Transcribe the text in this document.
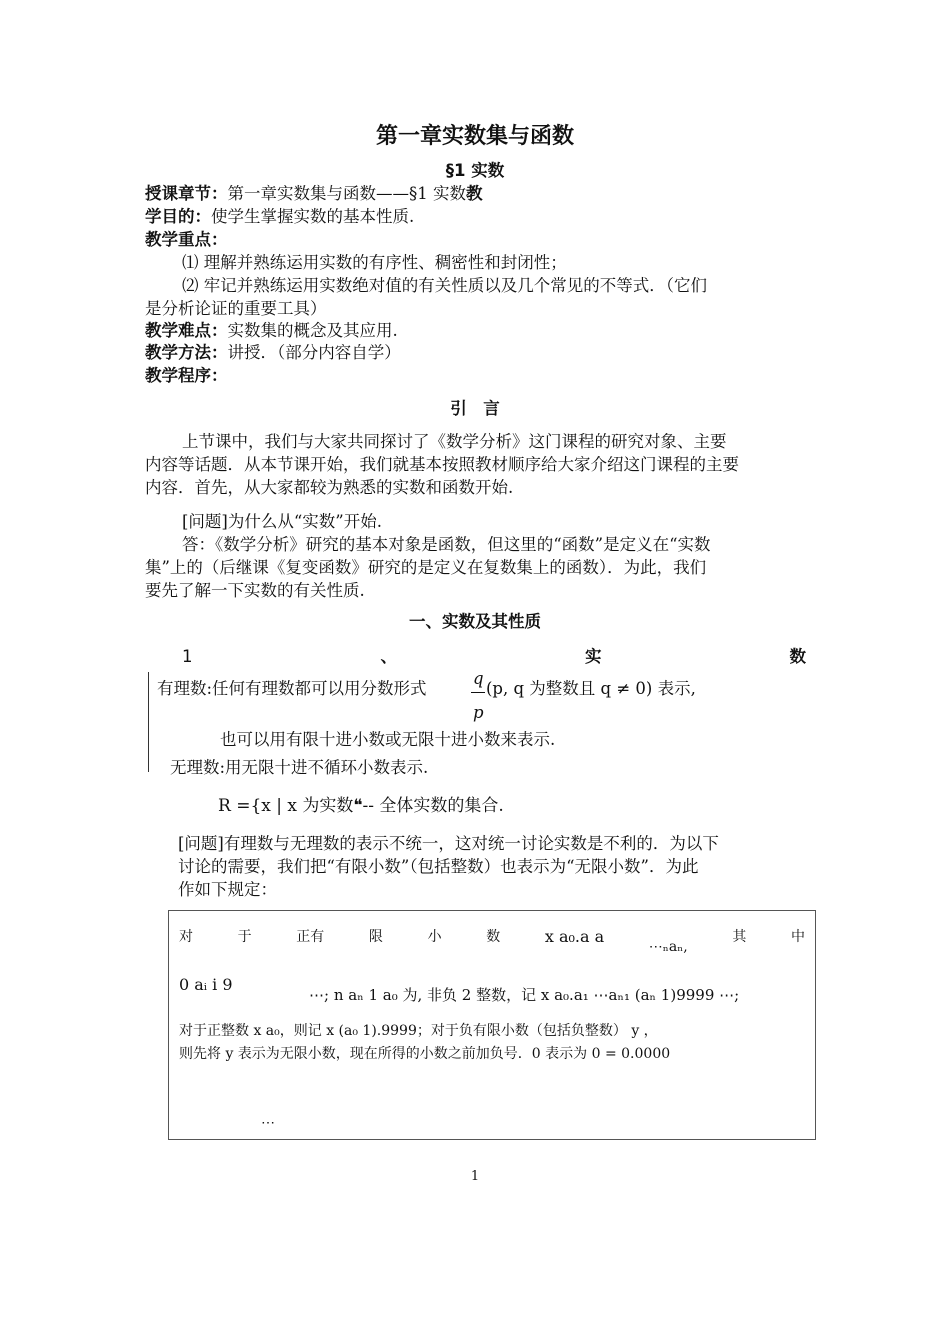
第一章实数集与函数
§1 实数
授课章节：第一章实数集与函数——§1 实数教
学目的：使学生掌握实数的基本性质.
教学重点：
⑴ 理解并熟练运用实数的有序性、稠密性和封闭性；
⑵ 牢记并熟练运用实数绝对值的有关性质以及几个常见的不等式．（它们
是分析论证的重要工具）
教学难点：实数集的概念及其应用.
教学方法：讲授．（部分内容自学）
教学程序：
引　言
上节课中，我们与大家共同探讨了《数学分析》这门课程的研究对象、主要
内容等话题．从本节课开始，我们就基本按照教材顺序给大家介绍这门课程的主要
内容．首先，从大家都较为熟悉的实数和函数开始.
[问题]为什么从“实数”开始.
答：《数学分析》研究的基本对象是函数，但这里的“函数”是定义在“实数
集”上的（后继课《复变函数》研究的是定义在复数集上的函数）．为此，我们
要先了解一下实数的有关性质.
一、实数及其性质
1	、	实	数
有理数:任何有理数都可以用分数形式
q
p
(p, q 为整数且 q ≠ 0) 表示,
也可以用有限十进小数或无限十进小数来表示.
无理数:用无限十进不循环小数表示.
R ={x | x 为实数❝-- 全体实数的集合.
[问题]有理数与无理数的表示不统一，这对统一讨论实数是不利的．为以下
讨论的需要，我们把“有限小数”（包括整数）也表示为“无限小数”．为此
作如下规定：
对	于	正有	限	小	数	x a₀.a a
⋯ₙaₙ,
其	中
0 aᵢ i 9
⋯; n aₙ 1 a₀ 为, 非负 2 整数，记 x a₀.a₁ ⋯aₙ₁ (aₙ 1)9999 ⋯;
对于正整数 x a₀，则记 x (a₀ 1).9999；对于负有限小数（包括负整数） y ，
则先将 y 表示为无限小数，现在所得的小数之前加负号．0 表示为 0 = 0.0000
⋯
1
